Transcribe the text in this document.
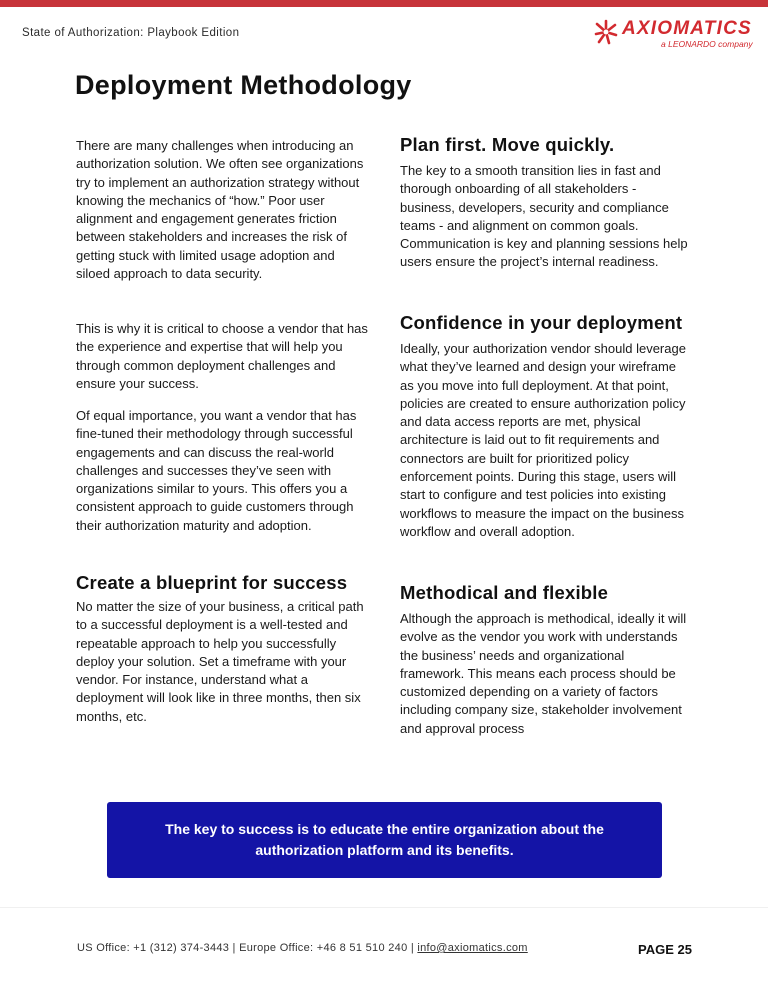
State of Authorization: Playbook Edition	AXIOMATICS
a LEONARDO company
Deployment Methodology

There are many challenges when introducing an authorization solution. We often see organizations try to implement an authorization strategy without knowing the mechanics of “how.” Poor user alignment and engagement generates friction between stakeholders and increases the risk of getting stuck with limited usage adoption and siloed approach to data security.

This is why it is critical to choose a vendor that has the experience and expertise that will help you through common deployment challenges and ensure your success.

Of equal importance, you want a vendor that has fine-tuned their methodology through successful engagements and can discuss the real-world challenges and successes they’ve seen with organizations similar to yours. This offers you a consistent approach to guide customers through their authorization maturity and adoption.

Create a blueprint for success

No matter the size of your business, a critical path to a successful deployment is a well-tested and repeatable approach to help you successfully deploy your solution. Set a timeframe with your vendor. For instance, understand what a deployment will look like in three months, then six months, etc.

Plan first. Move quickly.

The key to a smooth transition lies in fast and thorough onboarding of all stakeholders - business, developers, security and compliance teams - and alignment on common goals. Communication is key and planning sessions help users ensure the project’s internal readiness.

Confidence in your deployment

Ideally, your authorization vendor should leverage what they’ve learned and design your wireframe as you move into full deployment. At that point, policies are created to ensure authorization policy and data access reports are met, physical architecture is laid out to fit requirements and connectors are built for prioritized policy enforcement points. During this stage, users will start to configure and test policies into existing workflows to measure the impact on the business workflow and overall adoption.

Methodical and flexible

Although the approach is methodical, ideally it will evolve as the vendor you work with understands the business’ needs and organizational framework. This means each process should be customized depending on a variety of factors including company size, stakeholder involvement and approval process

The key to success is to educate the entire organization about the authorization platform and its benefits.
US Office: +1 (312) 374-3443 | Europe Office: +46 8 51 510 240 | info@axiomatics.com	PAGE 25
